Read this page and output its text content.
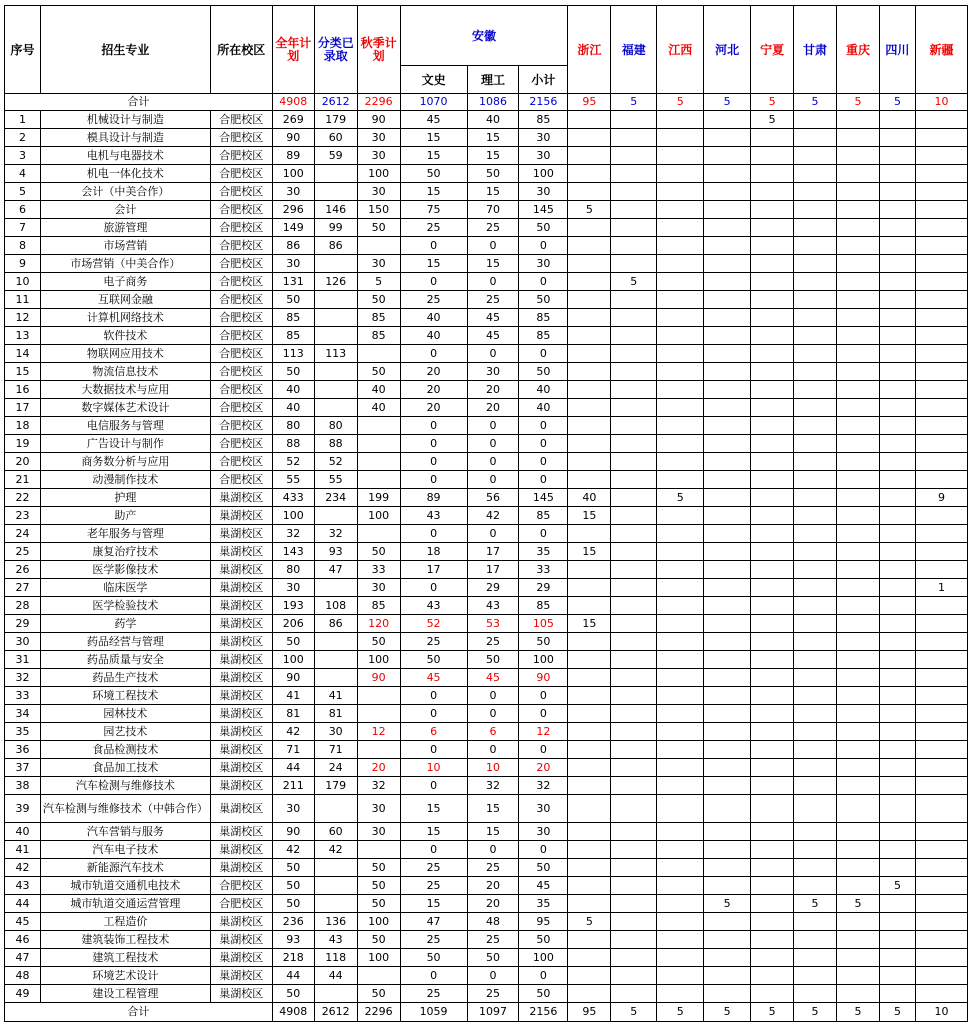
序号	招生专业	所在校区	全年计划	分类已录取	秋季计划	安徽			浙江	福建	江西	河北	宁夏	甘肃	重庆	四川	新疆
						文史	理工	小计									
合计			4908	2612	2296	1070	1086	2156	95	5	5	5	5	5	5	5	10
1	机械设计与制造	合肥校区	269	179	90	45	40	85					5				
2	模具设计与制造	合肥校区	90	60	30	15	15	30									
3	电机与电器技术	合肥校区	89	59	30	15	15	30									
4	机电一体化技术	合肥校区	100		100	50	50	100									
5	会计（中美合作）	合肥校区	30		30	15	15	30									
6	会计	合肥校区	296	146	150	75	70	145	5								
7	旅游管理	合肥校区	149	99	50	25	25	50									
8	市场营销	合肥校区	86	86		0	0	0									
9	市场营销（中美合作）	合肥校区	30		30	15	15	30									
10	电子商务	合肥校区	131	126	5	0	0	0		5							
11	互联网金融	合肥校区	50		50	25	25	50									
12	计算机网络技术	合肥校区	85		85	40	45	85									
13	软件技术	合肥校区	85		85	40	45	85									
14	物联网应用技术	合肥校区	113	113		0	0	0									
15	物流信息技术	合肥校区	50		50	20	30	50									
16	大数据技术与应用	合肥校区	40		40	20	20	40									
17	数字媒体艺术设计	合肥校区	40		40	20	20	40									
18	电信服务与管理	合肥校区	80	80		0	0	0									
19	广告设计与制作	合肥校区	88	88		0	0	0									
20	商务数分析与应用	合肥校区	52	52		0	0	0									
21	动漫制作技术	合肥校区	55	55		0	0	0									
22	护理	巢湖校区	433	234	199	89	56	145	40		5						9
23	助产	巢湖校区	100		100	43	42	85	15								
24	老年服务与管理	巢湖校区	32	32		0	0	0									
25	康复治疗技术	巢湖校区	143	93	50	18	17	35	15								
26	医学影像技术	巢湖校区	80	47	33	17	17	33									
27	临床医学	巢湖校区	30		30	0	29	29									1
28	医学检验技术	巢湖校区	193	108	85	43	43	85									
29	药学	巢湖校区	206	86	120	52	53	105	15								
30	药品经营与管理	巢湖校区	50		50	25	25	50									
31	药品质量与安全	巢湖校区	100		100	50	50	100									
32	药品生产技术	巢湖校区	90		90	45	45	90									
33	环境工程技术	巢湖校区	41	41		0	0	0									
34	园林技术	巢湖校区	81	81		0	0	0									
35	园艺技术	巢湖校区	42	30	12	6	6	12									
36	食品检测技术	巢湖校区	71	71		0	0	0									
37	食品加工技术	巢湖校区	44	24	20	10	10	20									
38	汽车检测与维修技术	巢湖校区	211	179	32	0	32	32									
39	汽车检测与维修技术（中韩合作）	巢湖校区	30		30	15	15	30									
40	汽车营销与服务	巢湖校区	90	60	30	15	15	30									
41	汽车电子技术	巢湖校区	42	42		0	0	0									
42	新能源汽车技术	巢湖校区	50		50	25	25	50									
43	城市轨道交通机电技术	合肥校区	50		50	25	20	45								5	
44	城市轨道交通运营管理	合肥校区	50		50	15	20	35				5		5	5		
45	工程造价	巢湖校区	236	136	100	47	48	95	5								
46	建筑装饰工程技术	巢湖校区	93	43	50	25	25	50									
47	建筑工程技术	巢湖校区	218	118	100	50	50	100									
48	环境艺术设计	巢湖校区	44	44		0	0	0									
49	建设工程管理	巢湖校区	50		50	25	25	50									
合计			4908	2612	2296	1059	1097	2156	95	5	5	5	5	5	5	5	10
